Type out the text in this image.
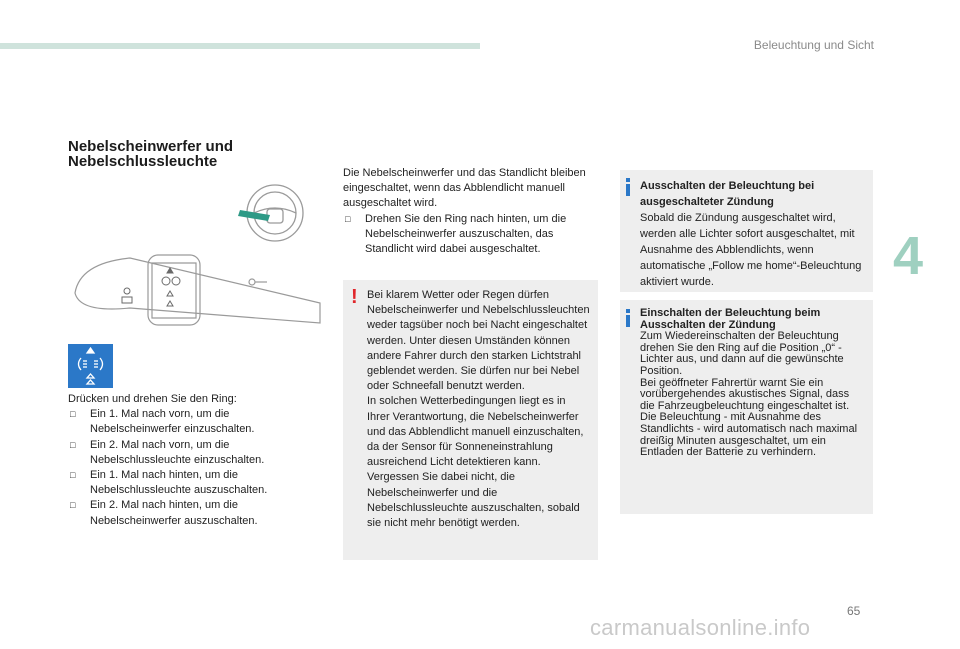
Beleuchtung und Sicht
4
Nebelscheinwerfer und
Nebelschlussleuchte

Drücken und drehen Sie den Ring:

□ Ein 1. Mal nach vorn, um die Nebelscheinwerfer einzuschalten.
□ Ein 2. Mal nach vorn, um die Nebelschlussleuchte einzuschalten.
□ Ein 1. Mal nach hinten, um die Nebelschlussleuchte auszuschalten.
□ Ein 2. Mal nach hinten, um die Nebelscheinwerfer auszuschalten.

Die Nebelscheinwerfer und das Standlicht bleiben eingeschaltet, wenn das Abblendlicht manuell ausgeschaltet wird.

□ Drehen Sie den Ring nach hinten, um die Nebelscheinwerfer auszuschalten, das Standlicht wird dabei ausgeschaltet.
! Bei klarem Wetter oder Regen dürfen Nebelscheinwerfer und Nebelschlussleuchten weder tagsüber noch bei Nacht eingeschaltet werden. Unter diesen Umständen können andere Fahrer durch den starken Lichtstrahl geblendet werden. Sie dürfen nur bei Nebel oder Schneefall benutzt werden.

In solchen Wetterbedingungen liegt es in Ihrer Verantwortung, die Nebelscheinwerfer und das Abblendlicht manuell einzuschalten, da der Sensor für Sonneneinstrahlung ausreichend Licht detektieren kann.

Vergessen Sie dabei nicht, die Nebelscheinwerfer und die Nebelschlussleuchte auszuschalten, sobald sie nicht mehr benötigt werden.

Ausschalten der Beleuchtung bei ausgeschalteter Zündung

Sobald die Zündung ausgeschaltet wird, werden alle Lichter sofort ausgeschaltet, mit Ausnahme des Abblendlichts, wenn automatische „Follow me home“-Beleuchtung aktiviert wurde.

Einschalten der Beleuchtung beim Ausschalten der Zündung

Zum Wiedereinschalten der Beleuchtung drehen Sie den Ring auf die Position „0“ - Lichter aus, und dann auf die gewünschte Position.

Bei geöffneter Fahrertür warnt Sie ein vorübergehendes akustisches Signal, dass die Fahrzeugbeleuchtung eingeschaltet ist.

Die Beleuchtung - mit Ausnahme des Standlichts - wird automatisch nach maximal dreißig Minuten ausgeschaltet, um ein Entladen der Batterie zu verhindern.

65
carmanualsonline.info
